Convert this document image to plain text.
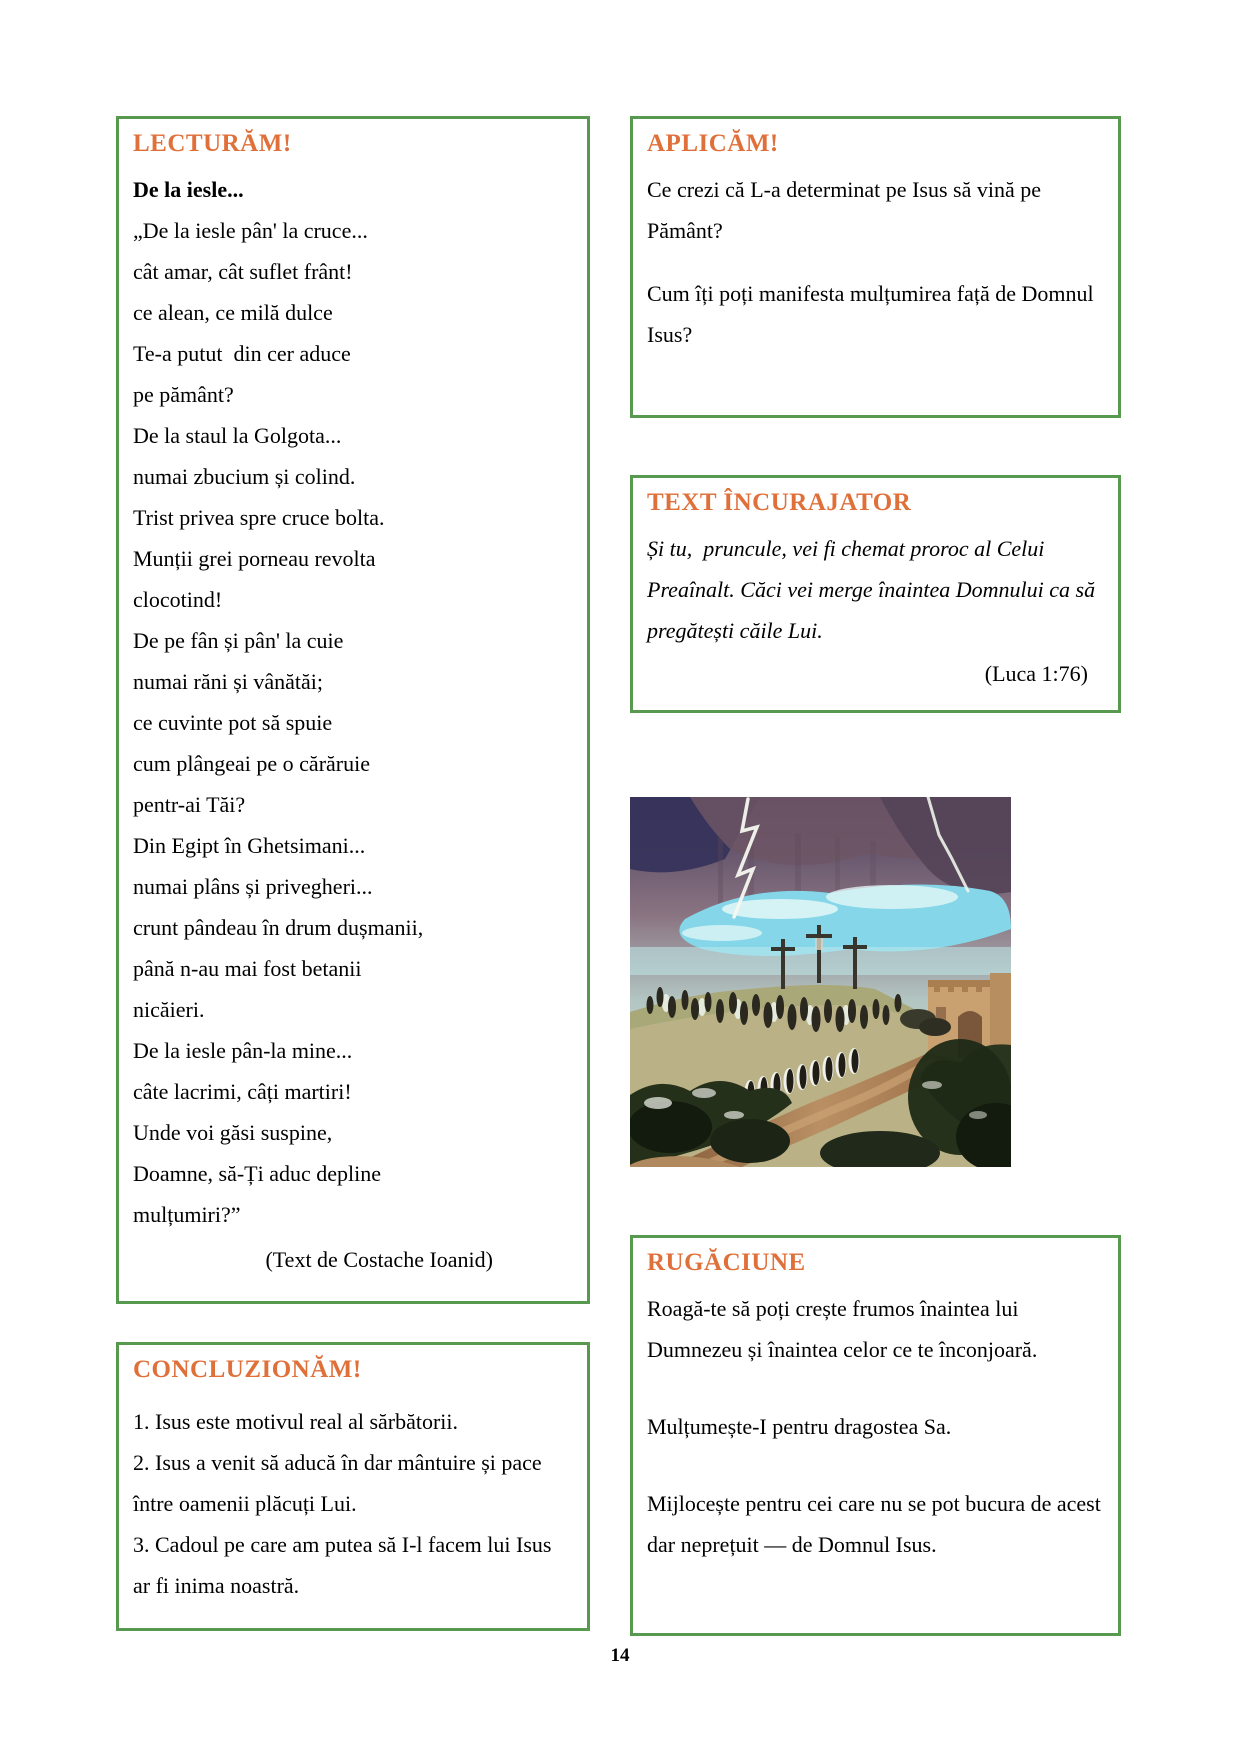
LECTURĂM!

De la iesle...

„De la iesle pân' la cruce...
cât amar, cât suflet frânt!
ce alean, ce milă dulce
Te-a putut  din cer aduce
pe pământ?
De la staul la Golgota...
numai zbucium și colind.
Trist privea spre cruce bolta.
Munții grei porneau revolta
clocotind!
De pe fân și pân' la cuie
numai răni și vânătăi;
ce cuvinte pot să spuie
cum plângeai pe o cărăruie
pentr-ai Tăi?
Din Egipt în Ghetsimani...
numai plâns și privegheri...
crunt pândeau în drum dușmanii,
până n-au mai fost betanii
nicăieri.
De la iesle pân-la mine...
câte lacrimi, câți martiri!
Unde voi găsi suspine,
Doamne, să-Ți aduc depline
mulțumiri?”

(Text de Costache Ioanid)

CONCLUZIONĂM!
1. Isus este motivul real al sărbătorii.
2. Isus a venit să aducă în dar mântuire și pace între oamenii plăcuți Lui.
3. Cadoul pe care am putea să I-l facem lui Isus ar fi inima noastră.
APLICĂM!

Ce crezi că L-a determinat pe Isus să vină pe Pământ?

Cum îți poți manifesta mulțumirea față de Domnul Isus?

TEXT ÎNCURAJATOR

Și tu,  pruncule, vei fi chemat proroc al Celui Preaînalt. Căci vei merge înaintea Domnului ca să pregătești căile Lui.

(Luca 1:76)

RUGĂCIUNE

Roagă-te să poți crește frumos înaintea lui Dumnezeu și înaintea celor ce te înconjoară.

Mulțumește-I pentru dragostea Sa.

Mijlocește pentru cei care nu se pot bucura de acest dar neprețuit — de Domnul Isus.

14
